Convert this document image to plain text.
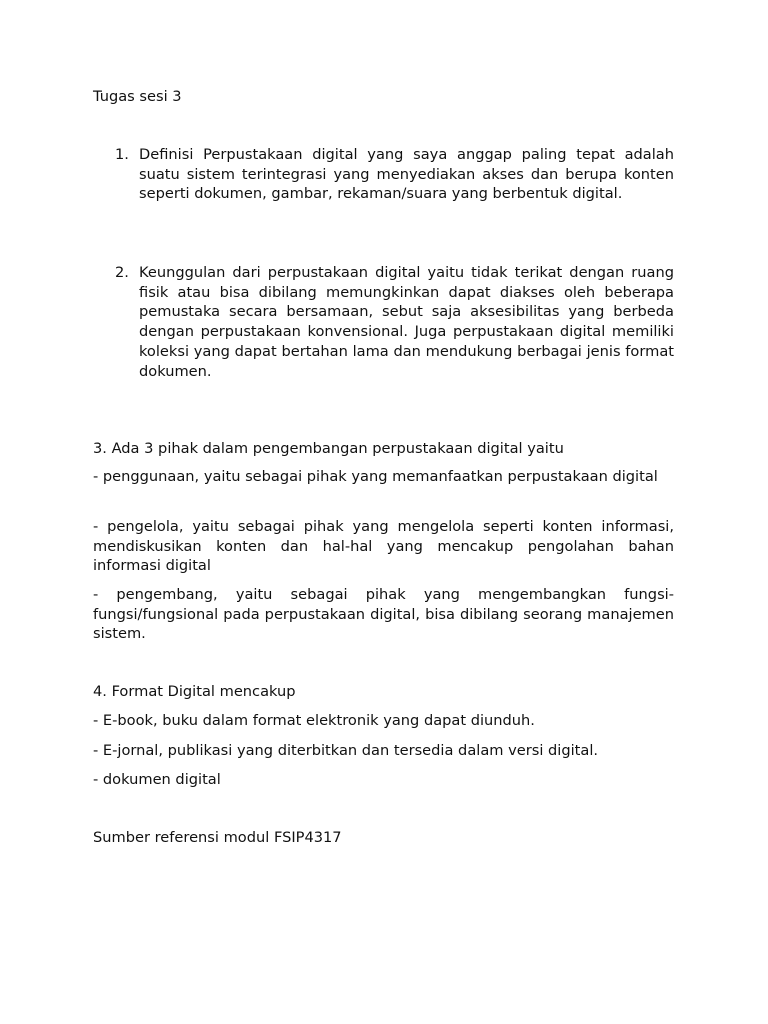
Tugas sesi 3
1. Definisi Perpustakaan digital yang saya anggap paling tepat adalah suatu sistem terintegrasi yang menyediakan akses dan berupa konten seperti dokumen, gambar, rekaman/suara yang berbentuk digital.
2. Keunggulan dari perpustakaan digital yaitu tidak terikat dengan ruang fisik atau bisa dibilang memungkinkan dapat diakses oleh beberapa pemustaka secara bersamaan, sebut saja aksesibilitas yang berbeda dengan perpustakaan konvensional. Juga perpustakaan digital memiliki koleksi yang dapat bertahan lama dan mendukung berbagai jenis format dokumen.
3. Ada 3 pihak dalam pengembangan perpustakaan digital yaitu
- penggunaan, yaitu sebagai pihak yang memanfaatkan perpustakaan digital
- pengelola, yaitu sebagai pihak yang mengelola seperti konten informasi, mendiskusikan konten dan hal-hal yang mencakup pengolahan bahan informasi digital
- pengembang, yaitu sebagai pihak yang mengembangkan fungsi-fungsi/fungsional pada perpustakaan digital, bisa dibilang seorang manajemen sistem.
4. Format Digital mencakup
- E-book, buku dalam format elektronik yang dapat diunduh.
- E-jornal, publikasi yang diterbitkan dan tersedia dalam versi digital.
- dokumen digital
Sumber referensi modul FSIP4317
